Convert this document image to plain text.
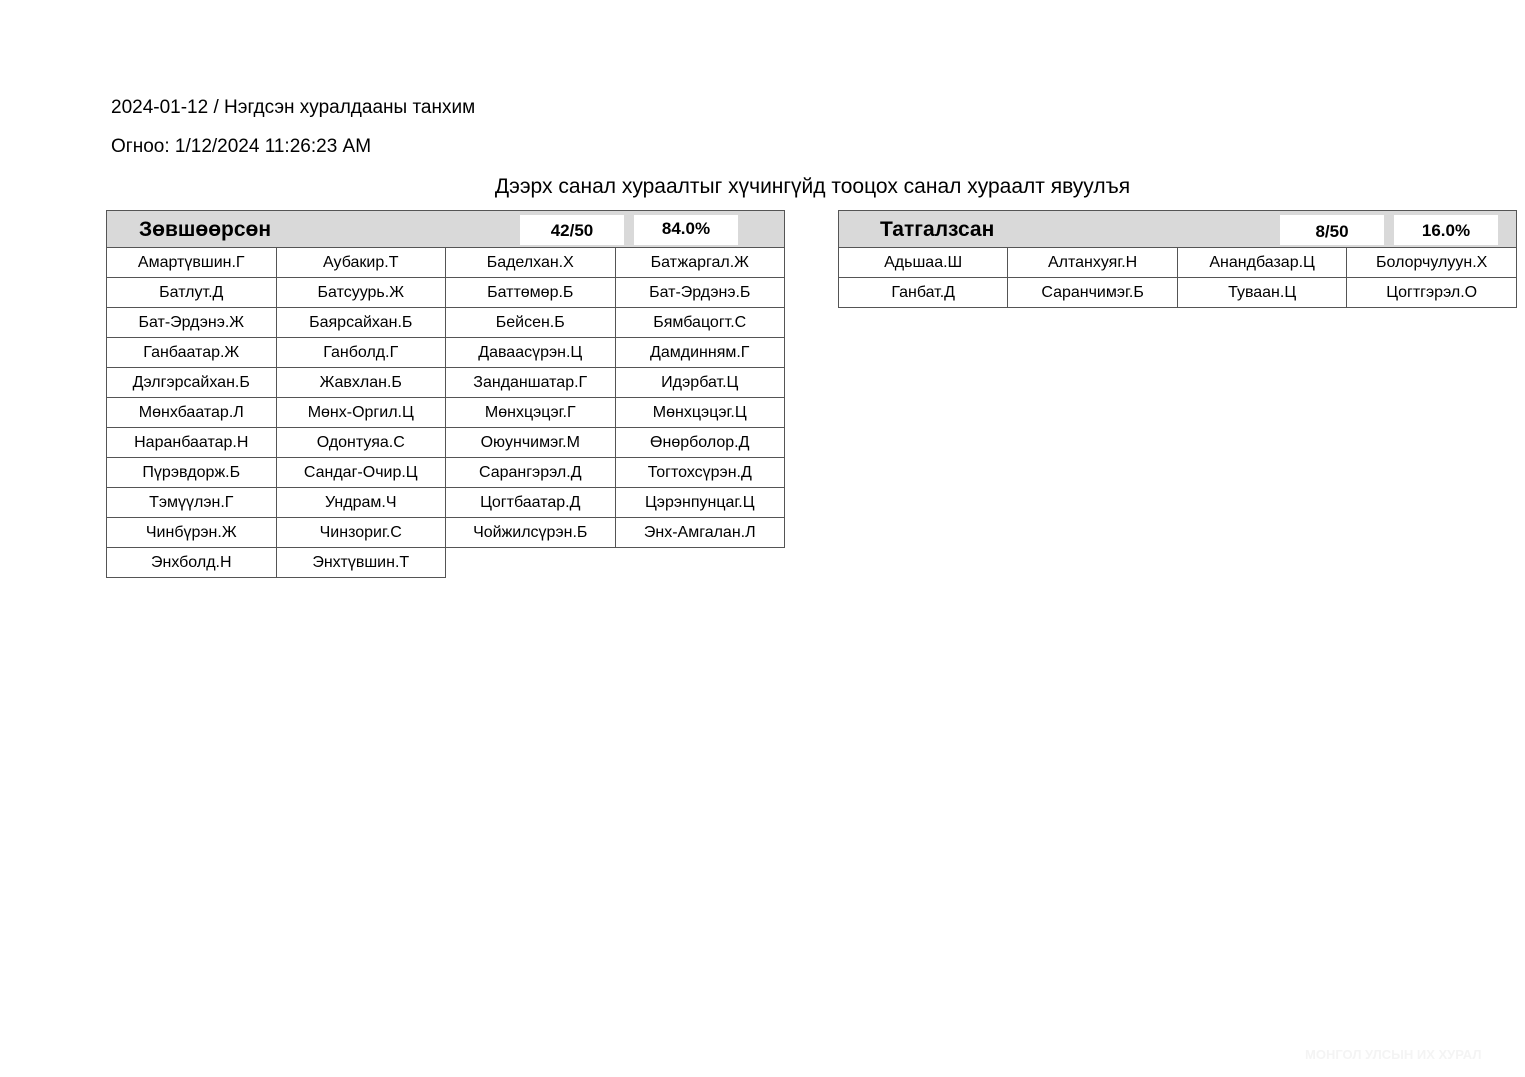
2024-01-12 / Нэгдсэн хуралдааны танхим
Огноо: 1/12/2024 11:26:23 AM
Дээрх санал хураалтыг хүчингүйд тооцох санал хураалт явуулъя
Зөвшөөрсөн	42/50	84.0%
Амартүвшин.Г	Аубакир.Т	Баделхан.Х	Батжаргал.Ж
Батлут.Д	Батсуурь.Ж	Баттөмөр.Б	Бат-Эрдэнэ.Б
Бат-Эрдэнэ.Ж	Баярсайхан.Б	Бейсен.Б	Бямбацогт.С
Ганбаатар.Ж	Ганболд.Г	Даваасүрэн.Ц	Дамдинням.Г
Дэлгэрсайхан.Б	Жавхлан.Б	Занданшатар.Г	Идэрбат.Ц
Мөнхбаатар.Л	Мөнх-Оргил.Ц	Мөнхцэцэг.Г	Мөнхцэцэг.Ц
Наранбаатар.Н	Одонтуяа.С	Оюунчимэг.М	Өнөрболор.Д
Пүрэвдорж.Б	Сандаг-Очир.Ц	Сарангэрэл.Д	Тогтохсүрэн.Д
Тэмүүлэн.Г	Ундрам.Ч	Цогтбаатар.Д	Цэрэнпунцаг.Ц
Чинбүрэн.Ж	Чинзориг.С	Чойжилсүрэн.Б	Энх-Амгалан.Л
Энхболд.Н	Энхтүвшин.Т		
Татгалзсан	8/50	16.0%
Адьшаа.Ш	Алтанхуяг.Н	Анандбазар.Ц	Болорчулуун.Х
Ганбат.Д	Саранчимэг.Б	Туваан.Ц	Цогтгэрэл.О
МОНГОЛ УЛСЫН ИХ ХУРАЛ
